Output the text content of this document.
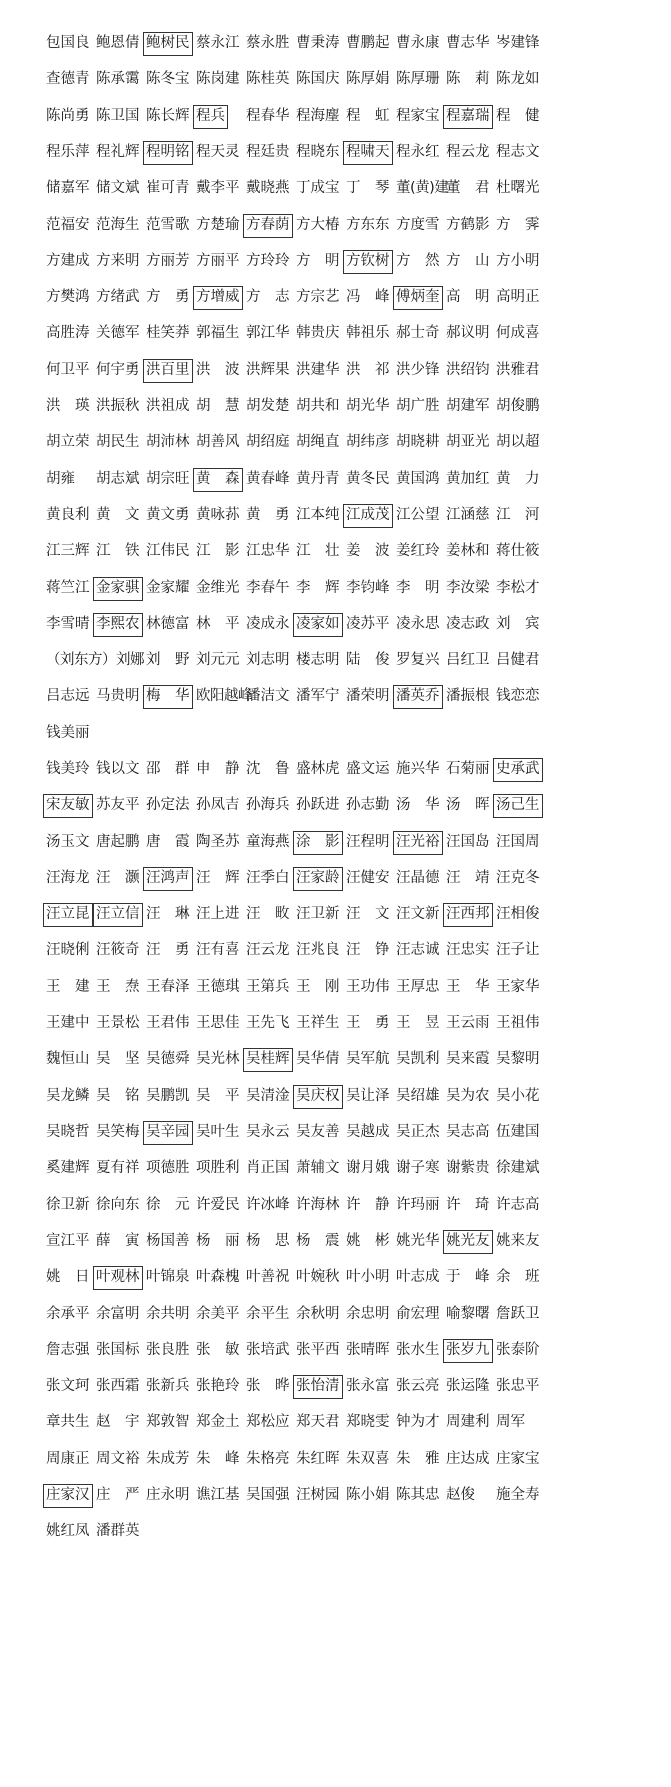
包国良 鲍恩倩 鲍树民 蔡永江 蔡永胜 曹秉涛 曹鹏起 曹永康 曹志华 岑建锋
查德青 陈承霭 陈冬宝 陈岗建 陈桂英 陈国庆 陈厚娟 陈厚珊 陈　莉 陈龙如
陈尚勇 陈卫国 陈长辉 程兵 程春华 程海麈 程　虹 程家宝 程嘉瑞 程　健
程乐萍 程礼辉 程明铭 程天灵 程廷贵 程晓东 程啸天 程永红 程云龙 程志文
储嘉军 储文斌 崔可青 戴李平 戴晓燕 丁成宝 丁　琴 董(黄)建
董　君 杜曙光
范福安 范海生 范雪歌 方楚瑜 方春荫 方大椿 方东东 方度雪 方鹤影 方　霁
方建成 方来明 方丽芳 方丽平 方玲玲 方　明 方钦树 方　然 方　山 方小明
方樊鸿 方绪武 方　勇 方增威 方　志 方宗艺 冯　峰 傅炳奎 高　明 高明正
高胜涛 关德军 桂笑莽 郭福生 郭江华 韩贵庆 韩祖乐 郝士奇 郝议明 何成喜
何卫平 何宇勇 洪百里 洪　波 洪辉果 洪建华 洪　祁 洪少锋 洪绍钧 洪雅君
洪　瑛 洪振秋 洪祖成 胡　慧 胡发楚 胡共和 胡光华 胡广胜 胡建军 胡俊鹏
胡立荣 胡民生 胡沛林 胡善风 胡绍庭 胡绳直 胡纬彦 胡晓耕 胡亚光 胡以超
胡雍 胡志斌 胡宗旺 黄　森 黄春峰 黄丹青 黄冬民 黄国鸿 黄加红 黄　力
黄良利 黄　文 黄文勇 黄咏荪 黄　勇 江本纯 江成茂 江公望 江涵慈 江　河
江三辉 江　铁 江伟民 江　影 江忠华 江　壮 姜　波 姜红玲 姜林和 蒋仕筱
蒋竺江 金家骐 金家耀 金维光 李春午 李　辉 李钧峰 李　明 李汝梁 李松才
李雪晴 李熙农 林德富 林　平 凌成永 凌家如 凌苏平 凌永思 凌志政 刘　宾
（刘东方）刘娜 刘　野 刘元元 刘志明 楼志明 陆　俊 罗复兴 吕红卫 吕健君
吕志远 马贵明 梅　华 欧阳越峰
潘洁文 潘军宁 潘荣明 潘英乔 潘振根 钱恋恋
钱美丽
钱美玲 钱以文 邵　群 申　静 沈　鲁 盛林虎 盛文运 施兴华 石菊丽 史承武
宋友敏 苏友平 孙定法 孙凤吉 孙海兵 孙跃进 孙志勤 汤　华 汤　晖 汤己生
汤玉文 唐起鹏 唐　霞 陶圣苏 童海燕 涂　影 汪程明 汪光裕 汪国岛 汪国周
汪海龙 汪　灏 汪鸿声 汪　辉 汪季白 汪家龄 汪健安 汪晶德 汪　靖 汪克冬
汪立昆 汪立信 汪　琳 汪上进 汪　畋 汪卫新 汪　文 汪文新 汪西邦 汪相俊
汪晓俐 汪筱奇 汪　勇 汪有喜 汪云龙 汪兆良 汪　铮 汪志诚 汪忠实 汪子让
王　建 王　焘 王春泽 王德琪 王第兵 王　刚 王功伟 王厚忠 王　华 王家华
王建中 王景松 王君伟 王思佳 王先飞 王祥生 王　勇 王　昱 王云雨 王祖伟
魏恒山 吴　坚 吴德舜 吴光林 吴桂辉 吴华倩 吴军航 吴凯利 吴来霞 吴黎明
吴龙鳞 吴　铭 吴鹏凯 吴　平 吴清淦 吴庆权 吴让泽 吴绍雄 吴为农 吴小花
吴晓哲 吴笑梅 吴辛园 吴叶生 吴永云 吴友善 吴越成 吴正杰 吴志高 伍建国
奚建辉 夏有祥 项德胜 项胜利 肖正国 萧辅文 谢月娥 谢子寒 谢紫贵 徐建斌
徐卫新 徐向东 徐　元 许爱民 许冰峰 许海林 许　静 许玛丽 许　琦 许志高
宣江平 薛　寅 杨国善 杨　丽 杨　思 杨　震 姚　彬 姚光华 姚光友 姚来友
姚　日 叶观林 叶锦泉 叶森槐 叶善祝 叶婉秋 叶小明 叶志成 于　峰 余　班
余承平 余富明 余共明 余美平 余平生 余秋明 余忠明 俞宏理 喻黎曙 詹跃卫
詹志强 张国标 张良胜 张　敏 张培武 张平西 张晴晖 张水生 张岁九 张泰阶
张文珂 张西霜 张新兵 张艳玲 张　晔 张怡清 张永富 张云亮 张运隆 张忠平
章共生 赵　宇 郑敦智 郑金土 郑松应 郑天君 郑晓雯 钟为才 周建利 周军
周康正 周文裕 朱成芳 朱　峰 朱格亮 朱红晖 朱双喜 朱　雅 庄达成 庄家宝
庄家汉 庄　严 庄永明 谯江基 吴国强 汪树园 陈小娟 陈其忠 赵俊 施全寿
姚红凤 潘群英
